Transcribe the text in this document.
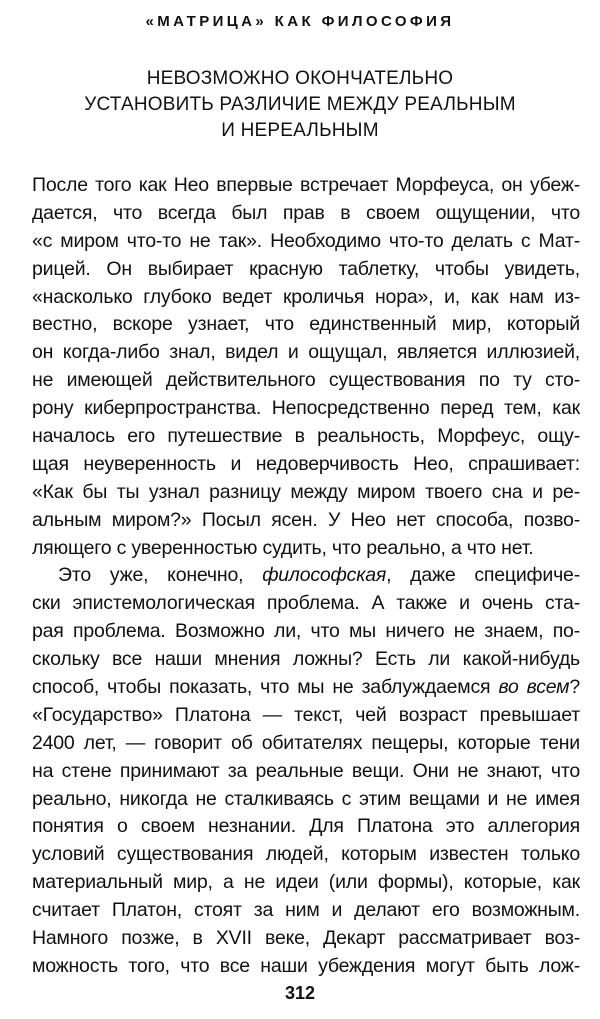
«МАТРИЦА» КАК ФИЛОСОФИЯ
НЕВОЗМОЖНО ОКОНЧАТЕЛЬНО
УСТАНОВИТЬ РАЗЛИЧИЕ МЕЖДУ РЕАЛЬНЫМ
И НЕРЕАЛЬНЫМ
После того как Нео впервые встречает Морфеуса, он убеж-
дается, что всегда был прав в своем ощущении, что
«с миром что-то не так». Необходимо что-то делать с Мат-
рицей. Он выбирает красную таблетку, чтобы увидеть,
«насколько глубоко ведет кроличья нора», и, как нам из-
вестно, вскоре узнает, что единственный мир, который
он когда-либо знал, видел и ощущал, является иллюзией,
не имеющей действительного существования по ту сто-
рону киберпространства. Непосредственно перед тем, как
началось его путешествие в реальность, Морфеус, ощу-
щая неуверенность и недоверчивость Нео, спрашивает:
«Как бы ты узнал разницу между миром твоего сна и ре-
альным миром?» Посыл ясен. У Нео нет способа, позво-
ляющего с уверенностью судить, что реально, а что нет.
Это уже, конечно, философская, даже специфиче-
ски эпистемологическая проблема. А также и очень ста-
рая проблема. Возможно ли, что мы ничего не знаем, по-
скольку все наши мнения ложны? Есть ли какой-нибудь
способ, чтобы показать, что мы не заблуждаемся во всем?
«Государство» Платона — текст, чей возраст превышает
2400 лет, — говорит об обитателях пещеры, которые тени
на стене принимают за реальные вещи. Они не знают, что
реально, никогда не сталкиваясь с этим вещами и не имея
понятия о своем незнании. Для Платона это аллегория
условий существования людей, которым известен только
материальный мир, а не идеи (или формы), которые, как
считает Платон, стоят за ним и делают его возможным.
Намного позже, в XVII веке, Декарт рассматривает воз-
можность того, что все наши убеждения могут быть лож-
312
